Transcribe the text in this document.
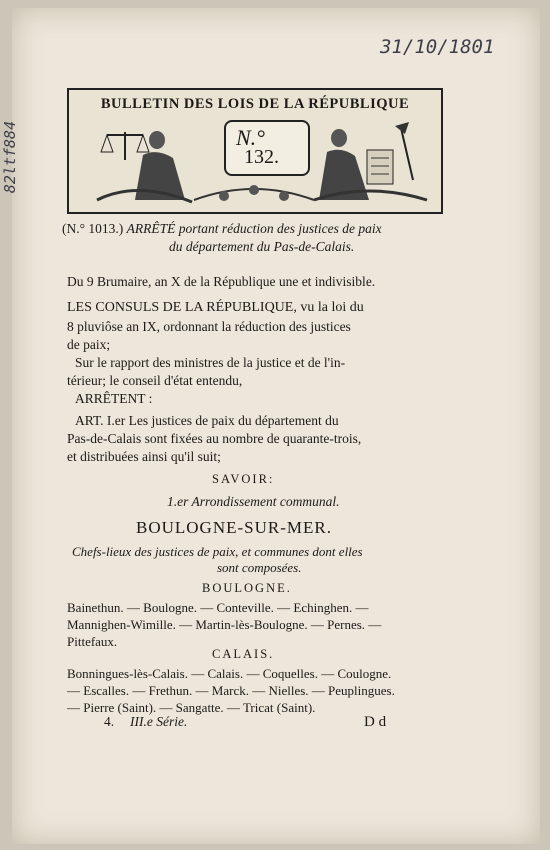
31/10/1801
82ltf884
BULLETIN DES LOIS DE LA RÉPUBLIQUE
N.°
132.
(N.° 1013.) ARRÊTÉ portant réduction des justices de paix
du département du Pas-de-Calais.
Du 9 Brumaire, an X de la République une et indivisible.
LES CONSULS DE LA RÉPUBLIQUE, vu la loi du
8 pluviôse an IX, ordonnant la réduction des justices
de paix;
Sur le rapport des ministres de la justice et de l'in-
térieur; le conseil d'état entendu,
ARRÊTENT :
ART. I.er Les justices de paix du département du
Pas-de-Calais sont fixées au nombre de quarante-trois,
et distribuées ainsi qu'il suit;
SAVOIR:
1.er Arrondissement communal.
BOULOGNE-SUR-MER.
Chefs-lieux des justices de paix, et communes dont elles
sont composées.
BOULOGNE.
Bainethun. — Boulogne. — Conteville. — Echinghen. —
Mannighen-Wimille. — Martin-lès-Boulogne. — Pernes. —
Pittefaux.
CALAIS.
Bonningues-lès-Calais. — Calais. — Coquelles. — Coulogne.
— Escalles. — Frethun. — Marck. — Nielles. — Peuplingues.
— Pierre (Saint). — Sangatte. — Tricat (Saint).
4. III.e Série.	D d
